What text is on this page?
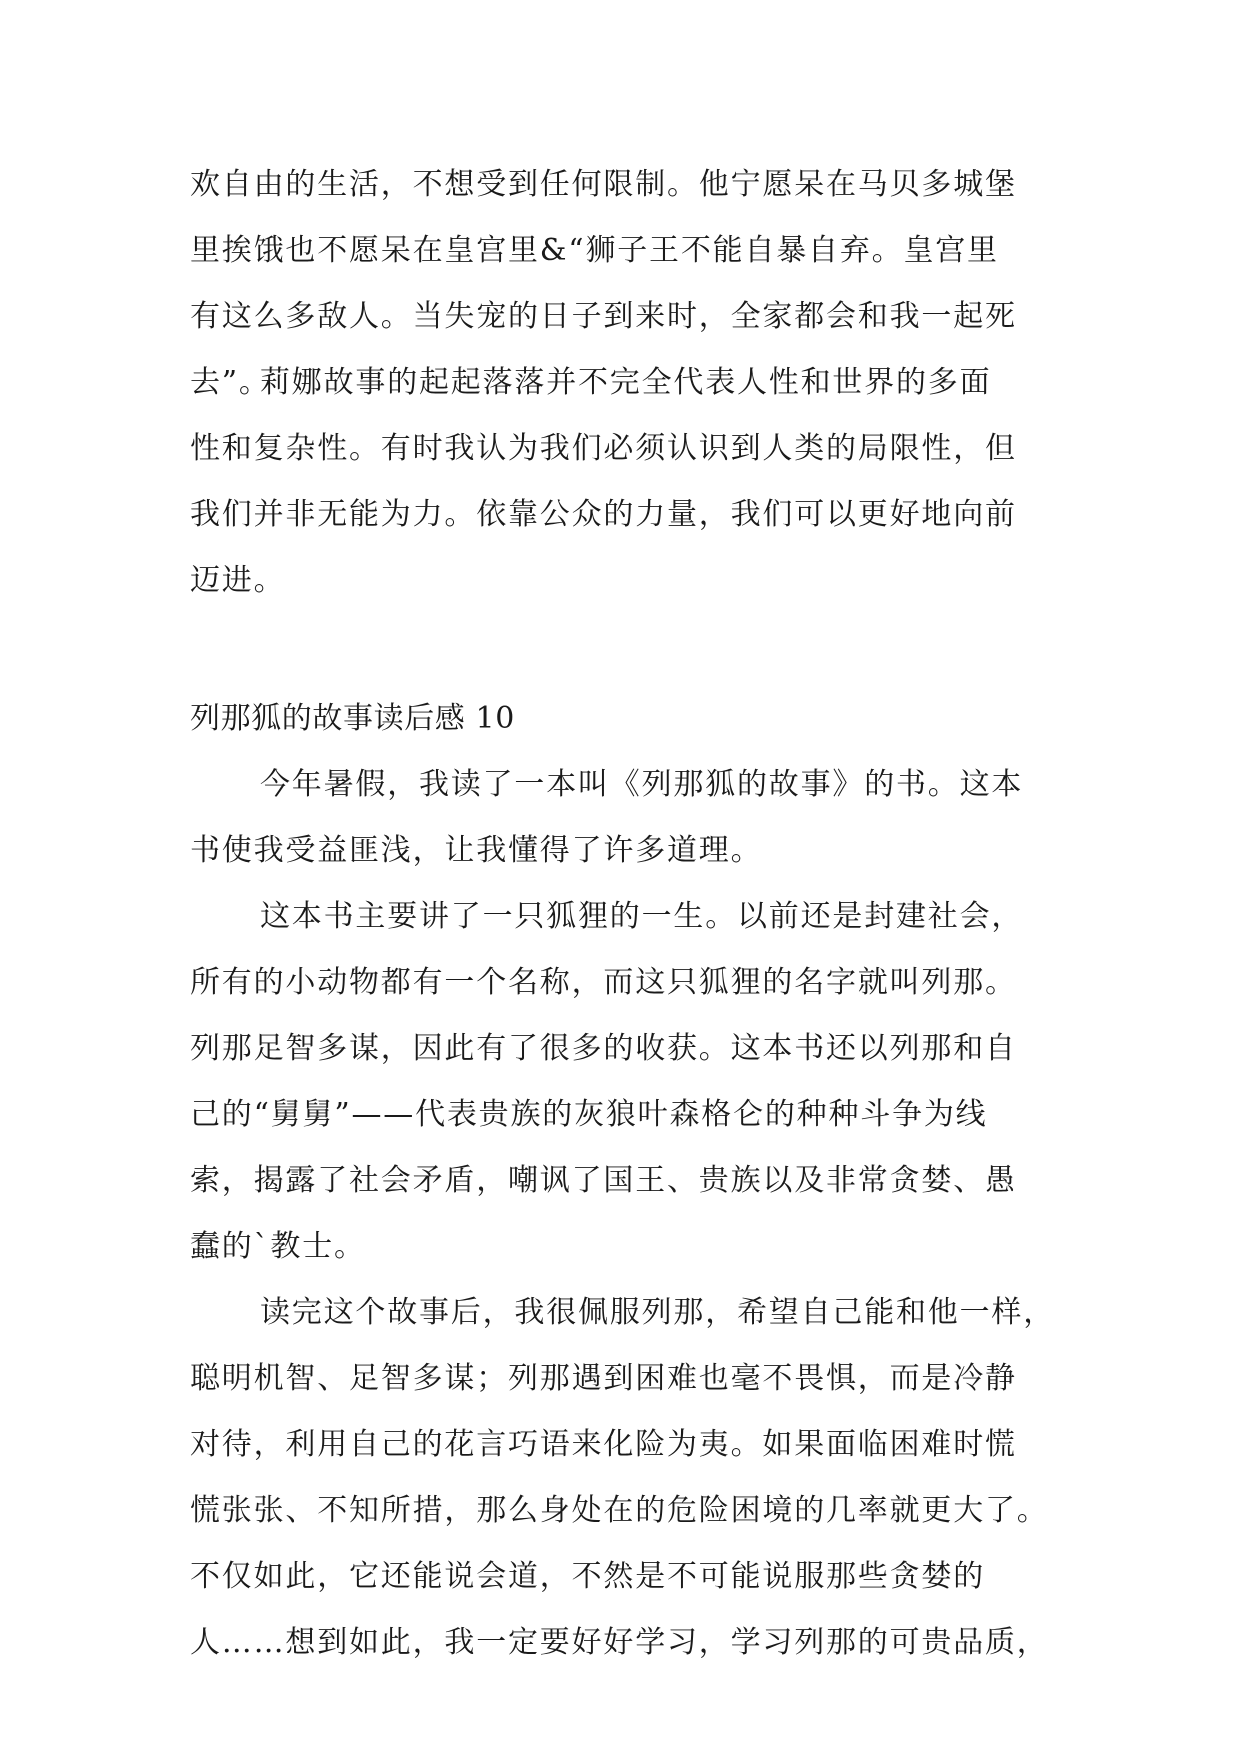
欢自由的生活，不想受到任何限制。他宁愿呆在马贝多城堡
里挨饿也不愿呆在皇宫里&“狮子王不能自暴自弃。皇宫里
有这么多敌人。当失宠的日子到来时，全家都会和我一起死
去”。
莉娜故事的起起落落并不完全代表人性和世界的多面
性和复杂性。有时我认为我们必须认识到人类的局限性，但
我们并非无能为力。依靠公众的力量，我们可以更好地向前
迈进。
列那狐的故事读后感 10
今年暑假，我读了一本叫《列那狐的故事》的书。这本
书使我受益匪浅，让我懂得了许多道理。
这本书主要讲了一只狐狸的一生。以前还是封建社会，
所有的小动物都有一个名称，而这只狐狸的名字就叫列那。
列那足智多谋，因此有了很多的收获。这本书还以列那和自
己的“舅舅”——代表贵族的灰狼叶森格仑的种种斗争为线
索，揭露了社会矛盾，嘲讽了国王、贵族以及非常贪婪、愚
蠢的`教士。
读完这个故事后，我很佩服列那，希望自己能和他一样，
聪明机智、足智多谋；列那遇到困难也毫不畏惧，而是冷静
对待，利用自己的花言巧语来化险为夷。如果面临困难时慌
慌张张、不知所措，那么身处在的危险困境的几率就更大了。
不仅如此，它还能说会道，不然是不可能说服那些贪婪的
人……想到如此，我一定要好好学习，学习列那的可贵品质，
